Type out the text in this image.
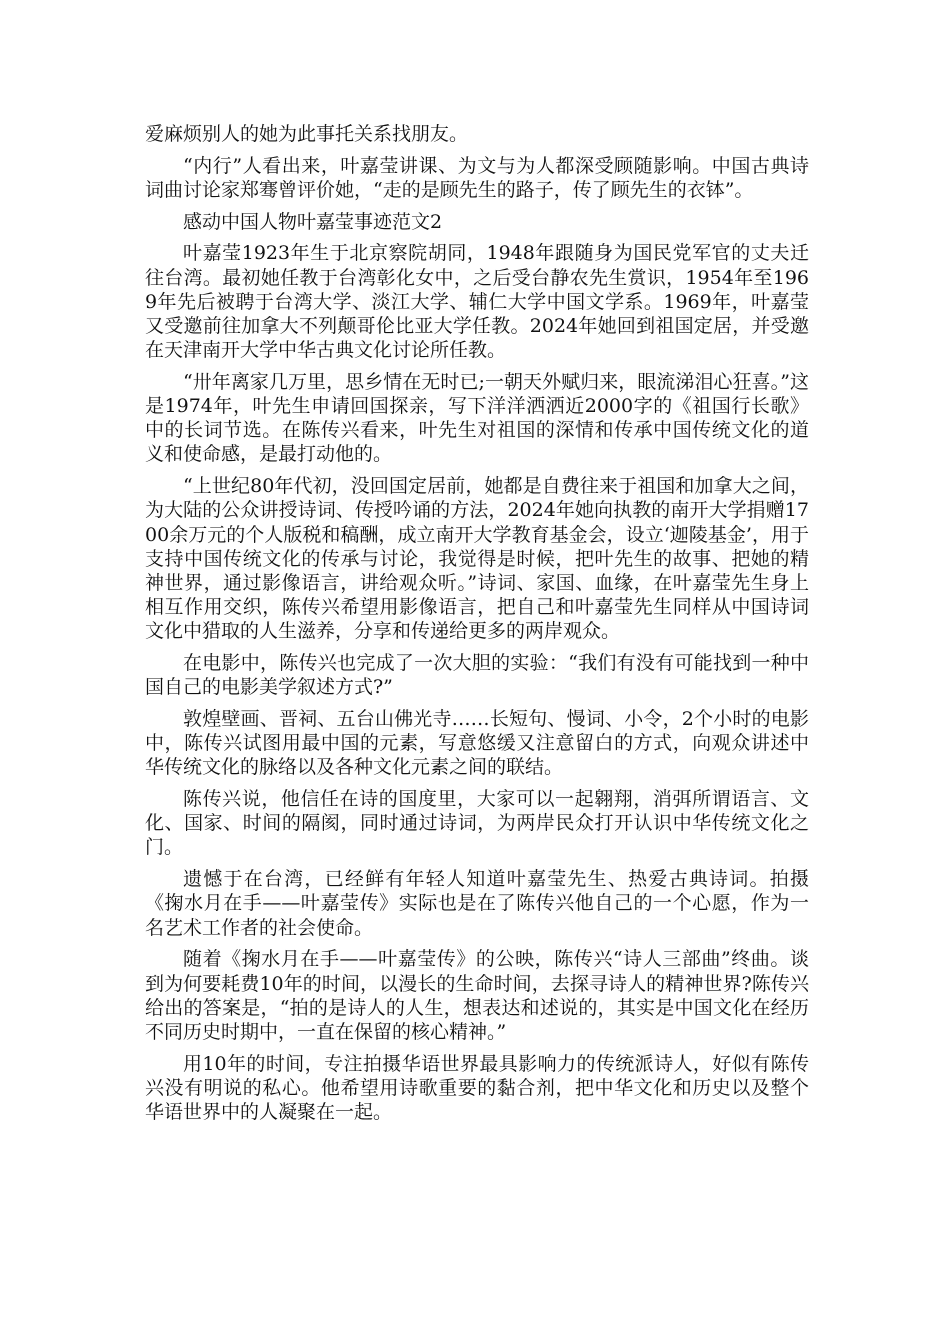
爱麻烦别人的她为此事托关系找朋友。

“内行”人看出来，叶嘉莹讲课、为文与为人都深受顾随影响。中国古典诗词曲讨论家郑骞曾评价她，“走的是顾先生的路子，传了顾先生的衣钵”。

感动中国人物叶嘉莹事迹范文2

叶嘉莹1923年生于北京察院胡同，1948年跟随身为国民党军官的丈夫迁往台湾。最初她任教于台湾彰化女中，之后受台静农先生赏识，1954年至1969年先后被聘于台湾大学、淡江大学、辅仁大学中国文学系。1969年，叶嘉莹又受邀前往加拿大不列颠哥伦比亚大学任教。2024年她回到祖国定居，并受邀在天津南开大学中华古典文化讨论所任教。

“卅年离家几万里，思乡情在无时已;一朝天外赋归来，眼流涕泪心狂喜。”这是1974年，叶先生申请回国探亲，写下洋洋洒洒近2000字的《祖国行长歌》中的长词节选。在陈传兴看来，叶先生对祖国的深情和传承中国传统文化的道义和使命感，是最打动他的。

“上世纪80年代初，没回国定居前，她都是自费往来于祖国和加拿大之间，为大陆的公众讲授诗词、传授吟诵的方法，2024年她向执教的南开大学捐赠1700余万元的个人版税和稿酬，成立南开大学教育基金会，设立‘迦陵基金’，用于支持中国传统文化的传承与讨论，我觉得是时候，把叶先生的故事、把她的精神世界，通过影像语言，讲给观众听。”诗词、家国、血缘，在叶嘉莹先生身上相互作用交织，陈传兴希望用影像语言，把自己和叶嘉莹先生同样从中国诗词文化中猎取的人生滋养，分享和传递给更多的两岸观众。

在电影中，陈传兴也完成了一次大胆的实验：“我们有没有可能找到一种中国自己的电影美学叙述方式?”

敦煌壁画、晋祠、五台山佛光寺……长短句、慢词、小令，2个小时的电影中，陈传兴试图用最中国的元素，写意悠缓又注意留白的方式，向观众讲述中华传统文化的脉络以及各种文化元素之间的联结。

陈传兴说，他信任在诗的国度里，大家可以一起翱翔，消弭所谓语言、文化、国家、时间的隔阂，同时通过诗词，为两岸民众打开认识中华传统文化之门。

遗憾于在台湾，已经鲜有年轻人知道叶嘉莹先生、热爱古典诗词。拍摄《掬水月在手——叶嘉莹传》实际也是在了陈传兴他自己的一个心愿，作为一名艺术工作者的社会使命。

随着《掬水月在手——叶嘉莹传》的公映，陈传兴“诗人三部曲”终曲。谈到为何要耗费10年的时间，以漫长的生命时间，去探寻诗人的精神世界?陈传兴给出的答案是，“拍的是诗人的人生，想表达和述说的，其实是中国文化在经历不同历史时期中，一直在保留的核心精神。”

用10年的时间，专注拍摄华语世界最具影响力的传统派诗人，好似有陈传兴没有明说的私心。他希望用诗歌重要的黏合剂，把中华文化和历史以及整个华语世界中的人凝聚在一起。
